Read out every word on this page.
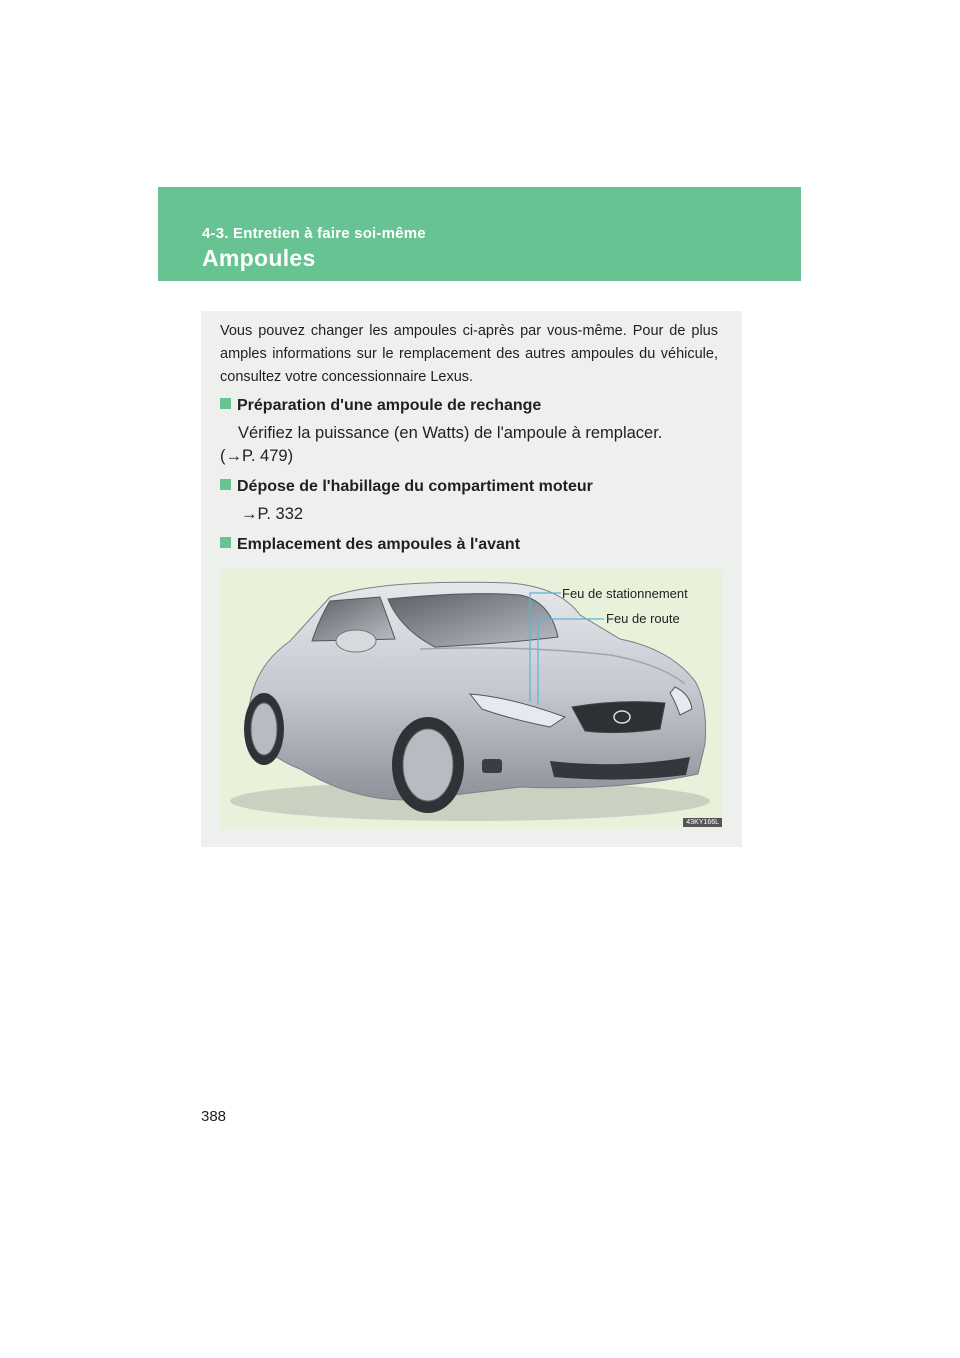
4-3. Entretien à faire soi-même
Ampoules
Vous pouvez changer les ampoules ci-après par vous-même. Pour de plus amples informations sur le remplacement des autres ampoules du véhicule, consultez votre concessionnaire Lexus.
Préparation d'une ampoule de rechange
Vérifiez la puissance (en Watts) de l'ampoule à remplacer.
(→P. 479)
Dépose de l'habillage du compartiment moteur
→P. 332
Emplacement des ampoules à l'avant
Feu de stationnement
Feu de route
43KY166L
388
